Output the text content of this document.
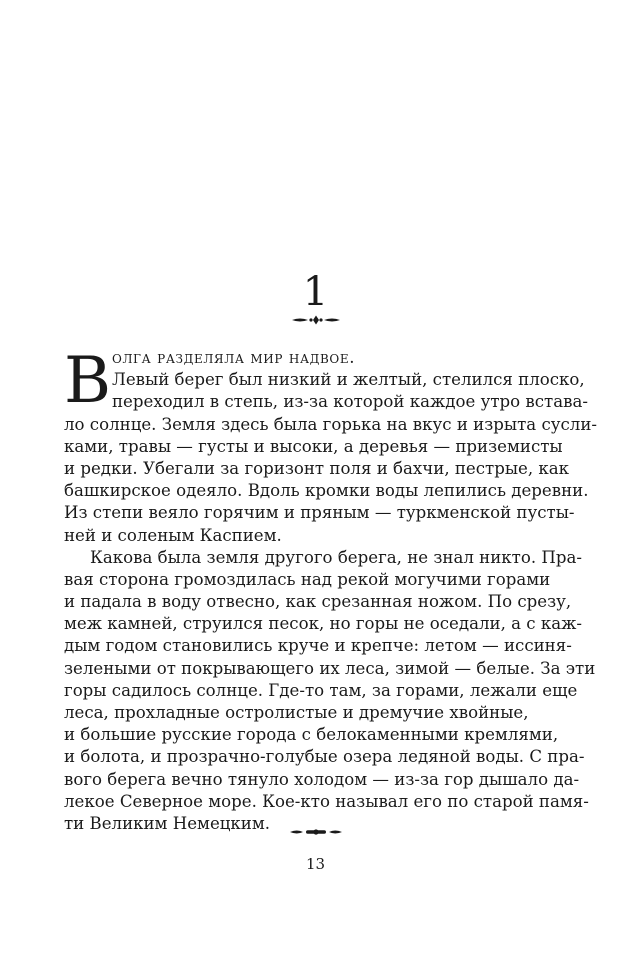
1
В олга разделяла мир надвое.
Левый берег был низкий и желтый, стелился плоско,
переходил в степь, из-за которой каждое утро встава-
ло солнце. Земля здесь была горька на вкус и изрыта сусли-
ками, травы — густы и высоки, а деревья — приземисты
и редки. Убегали за горизонт поля и бахчи, пестрые, как
башкирское одеяло. Вдоль кромки воды лепились деревни.
Из степи веяло горячим и пряным — туркменской пусты-
ней и соленым Каспием.
Какова была земля другого берега, не знал никто. Пра-
вая сторона громоздилась над рекой могучими горами
и падала в воду отвесно, как срезанная ножом. По срезу,
меж камней, струился песок, но горы не оседали, а с каж-
дым годом становились круче и крепче: летом — иссиня-
зелеными от покрывающего их леса, зимой — белые. За эти
горы садилось солнце. Где-то там, за горами, лежали еще
леса, прохладные остролистые и дремучие хвойные,
и большие русские города с белокаменными кремлями,
и болота, и прозрачно-голубые озера ледяной воды. С пра-
вого берега вечно тянуло холодом — из-за гор дышало да-
лекое Северное море. Кое-кто называл его по старой памя-
ти Великим Немецким.
13
